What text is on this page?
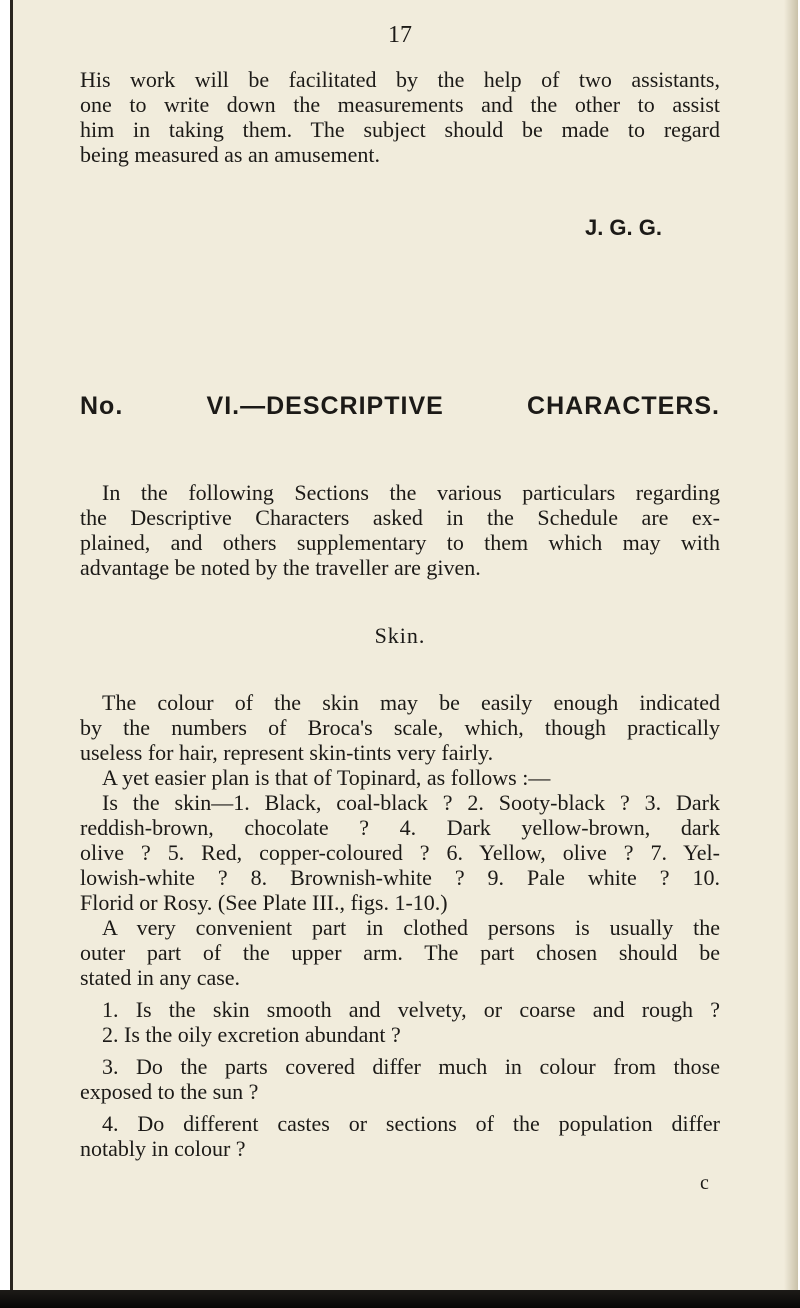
17
His work will be facilitated by the help of two assistants,
one to write down the measurements and the other to assist
him in taking them. The subject should be made to regard
being measured as an amusement.
J. G. G.
No. VI.—DESCRIPTIVE CHARACTERS.
In the following Sections the various particulars regarding
the Descriptive Characters asked in the Schedule are ex-
plained, and others supplementary to them which may with
advantage be noted by the traveller are given.
Skin.
The colour of the skin may be easily enough indicated
by the numbers of Broca's scale, which, though practically
useless for hair, represent skin-tints very fairly.
A yet easier plan is that of Topinard, as follows :—
Is the skin—1. Black, coal-black ? 2. Sooty-black ? 3. Dark
reddish-brown, chocolate ? 4. Dark yellow-brown, dark
olive ? 5. Red, copper-coloured ? 6. Yellow, olive ? 7. Yel-
lowish-white ? 8. Brownish-white ? 9. Pale white ? 10.
Florid or Rosy. (See Plate III., figs. 1-10.)
A very convenient part in clothed persons is usually the
outer part of the upper arm. The part chosen should be
stated in any case.
1. Is the skin smooth and velvety, or coarse and rough ?
2. Is the oily excretion abundant ?
3. Do the parts covered differ much in colour from those
exposed to the sun ?
4. Do different castes or sections of the population differ
notably in colour ?
c
